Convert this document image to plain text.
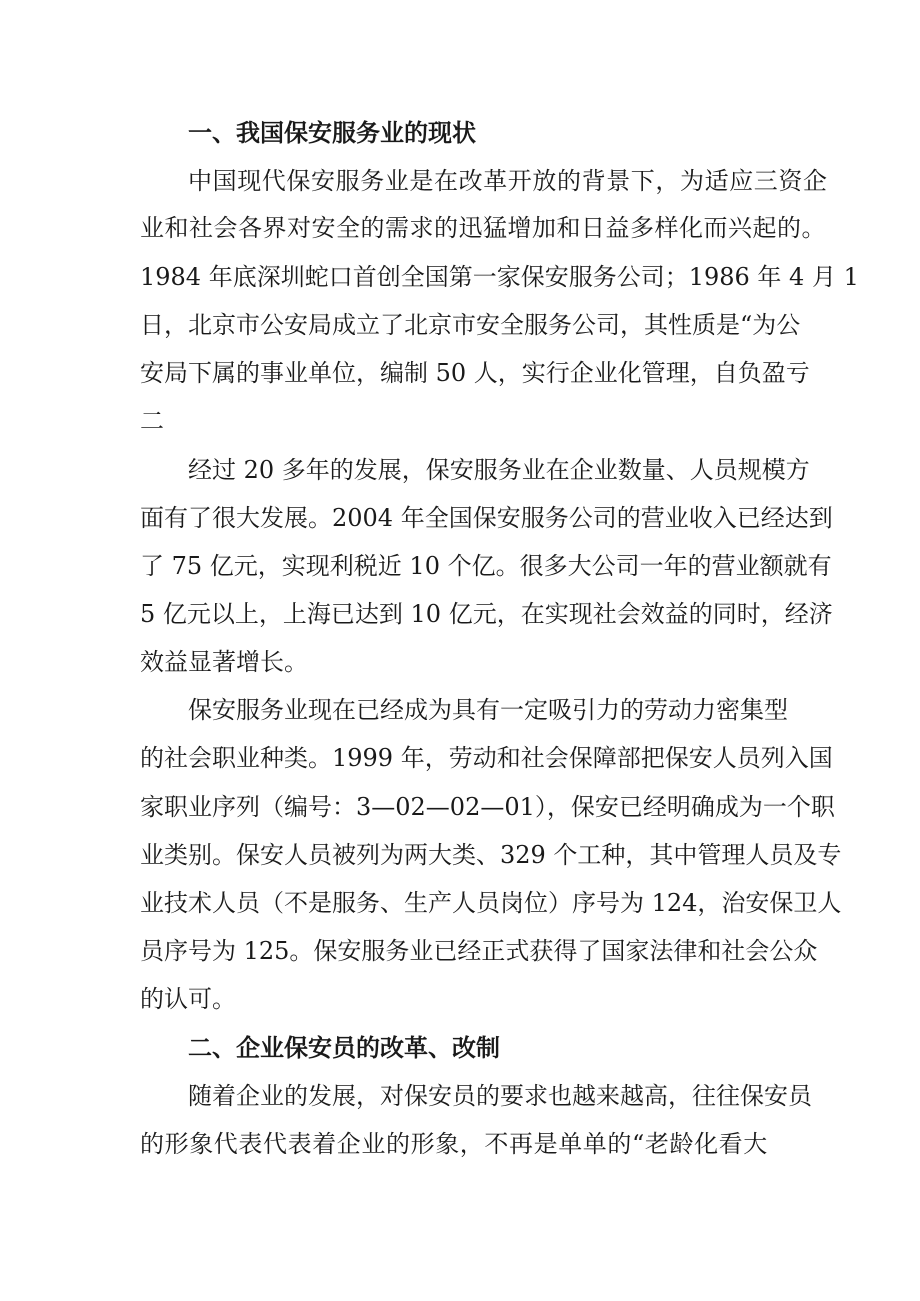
一、我国保安服务业的现状
中国现代保安服务业是在改革开放的背景下，为适应三资企
业和社会各界对安全的需求的迅猛增加和日益多样化而兴起的。
1984 年底深圳蛇口首创全国第一家保安服务公司；1986 年 4 月 1
日，北京市公安局成立了北京市安全服务公司，其性质是“为公
安局下属的事业单位，编制 50 人，实行企业化管理，自负盈亏
二
经过 20 多年的发展，保安服务业在企业数量、人员规模方
面有了很大发展。2004 年全国保安服务公司的营业收入已经达到
了 75 亿元，实现利税近 10 个亿。很多大公司一年的营业额就有
5 亿元以上，上海已达到 10 亿元，在实现社会效益的同时，经济
效益显著增长。
保安服务业现在已经成为具有一定吸引力的劳动力密集型
的社会职业种类。1999 年，劳动和社会保障部把保安人员列入国
家职业序列（编号：3—02—02—01），保安已经明确成为一个职
业类别。保安人员被列为两大类、329 个工种，其中管理人员及专
业技术人员（不是服务、生产人员岗位）序号为 124，治安保卫人
员序号为 125。保安服务业已经正式获得了国家法律和社会公众
的认可。
二、企业保安员的改革、改制
随着企业的发展，对保安员的要求也越来越高，往往保安员
的形象代表代表着企业的形象，不再是单单的“老龄化看大
